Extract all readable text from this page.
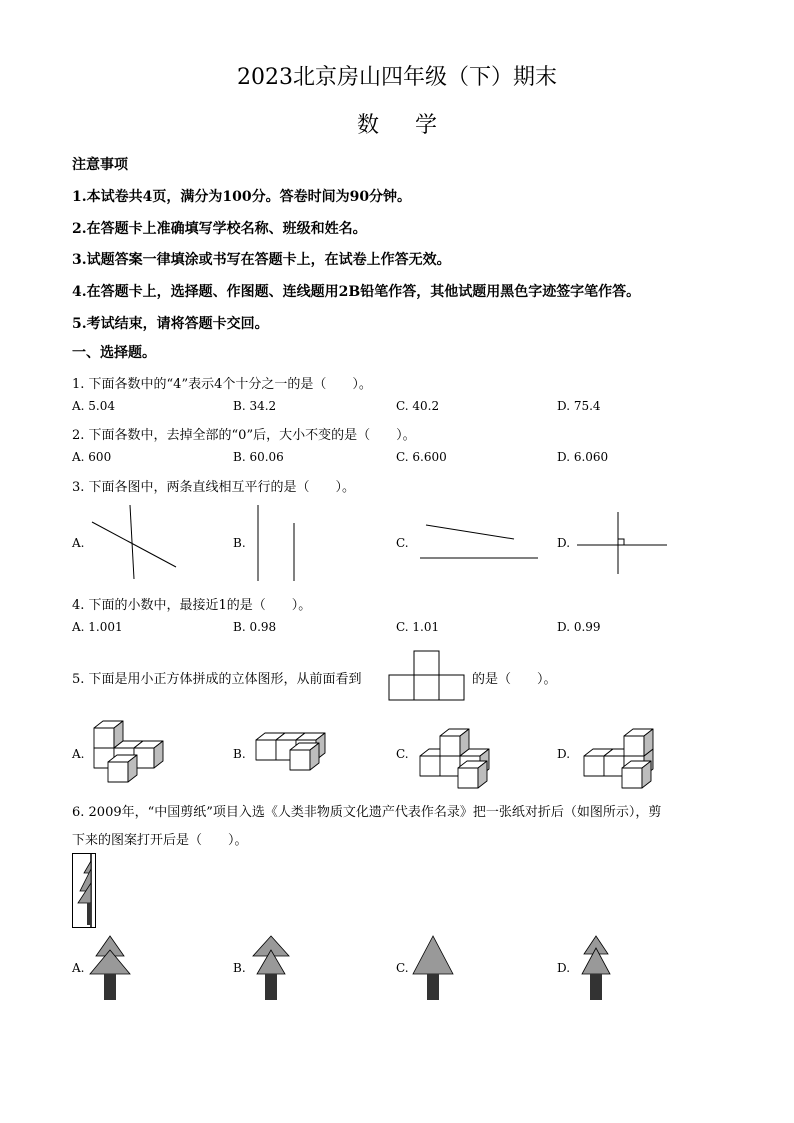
2023北京房山四年级（下）期末
数学
注意事项
1.本试卷共4页，满分为100分。答卷时间为90分钟。
2.在答题卡上准确填写学校名称、班级和姓名。
3.试题答案一律填涂或书写在答题卡上，在试卷上作答无效。
4.在答题卡上，选择题、作图题、连线题用2B铅笔作答，其他试题用黑色字迹签字笔作答。
5.考试结束，请将答题卡交回。
一、选择题。
1. 下面各数中的“4”表示4个十分之一的是（　　）。
A. 5.04	B. 34.2	C. 40.2	D. 75.4
2. 下面各数中，去掉全部的“0”后，大小不变的是（　　）。
A. 600	B. 60.06	C. 6.600	D. 6.060
3. 下面各图中，两条直线相互平行的是（　　）。
A.	B.	C.	D.
4. 下面的小数中，最接近1的是（　　）。
A. 1.001	B. 0.98	C. 1.01	D. 0.99
5. 下面是用小正方体拼成的立体图形，从前面看到	的是（　　）。
A.	B.	C.	D.
6. 2009年，“中国剪纸”项目入选《人类非物质文化遗产代表作名录》把一张纸对折后（如图所示），剪
下来的图案打开后是（　　）。
A.	B.	C.	D.
